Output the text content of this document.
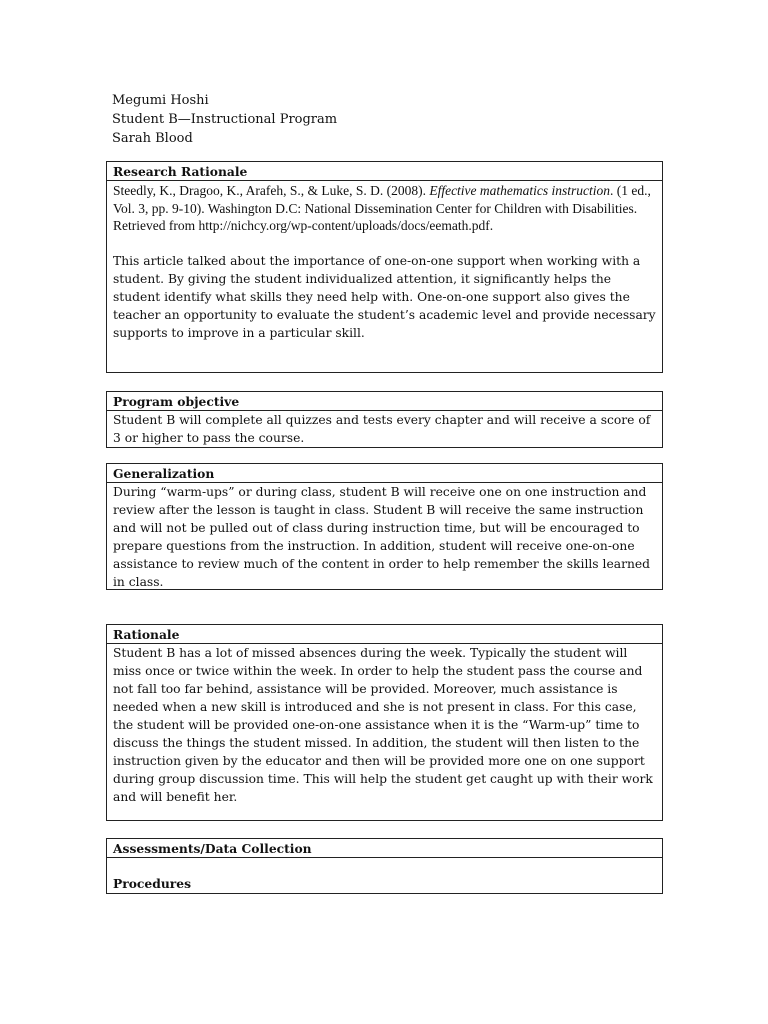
Megumi Hoshi
Student B—Instructional Program
Sarah Blood
Research Rationale

Steedly, K., Dragoo, K., Arafeh, S., & Luke, S. D. (2008). Effective mathematics instruction. (1 ed., Vol. 3, pp. 9-10). Washington D.C: National Dissemination Center for Children with Disabilities. Retrieved from http://nichcy.org/wp-content/uploads/docs/eemath.pdf.

This article talked about the importance of one-on-one support when working with a student. By giving the student individualized attention, it significantly helps the student identify what skills they need help with. One-on-one support also gives the teacher an opportunity to evaluate the student’s academic level and provide necessary supports to improve in a particular skill.

Program objective

Student B will complete all quizzes and tests every chapter and will receive a score of 3 or higher to pass the course.

Generalization

During “warm-ups” or during class, student B will receive one on one instruction and review after the lesson is taught in class. Student B will receive the same instruction and will not be pulled out of class during instruction time, but will be encouraged to prepare questions from the instruction. In addition, student will receive one-on-one assistance to review much of the content in order to help remember the skills learned in class.

Rationale

Student B has a lot of missed absences during the week. Typically the student will miss once or twice within the week. In order to help the student pass the course and not fall too far behind, assistance will be provided. Moreover, much assistance is needed when a new skill is introduced and she is not present in class. For this case, the student will be provided one-on-one assistance when it is the “Warm-up” time to discuss the things the student missed. In addition, the student will then listen to the instruction given by the educator and then will be provided more one on one support during group discussion time. This will help the student get caught up with their work and will benefit her.

Assessments/Data Collection

Procedures
